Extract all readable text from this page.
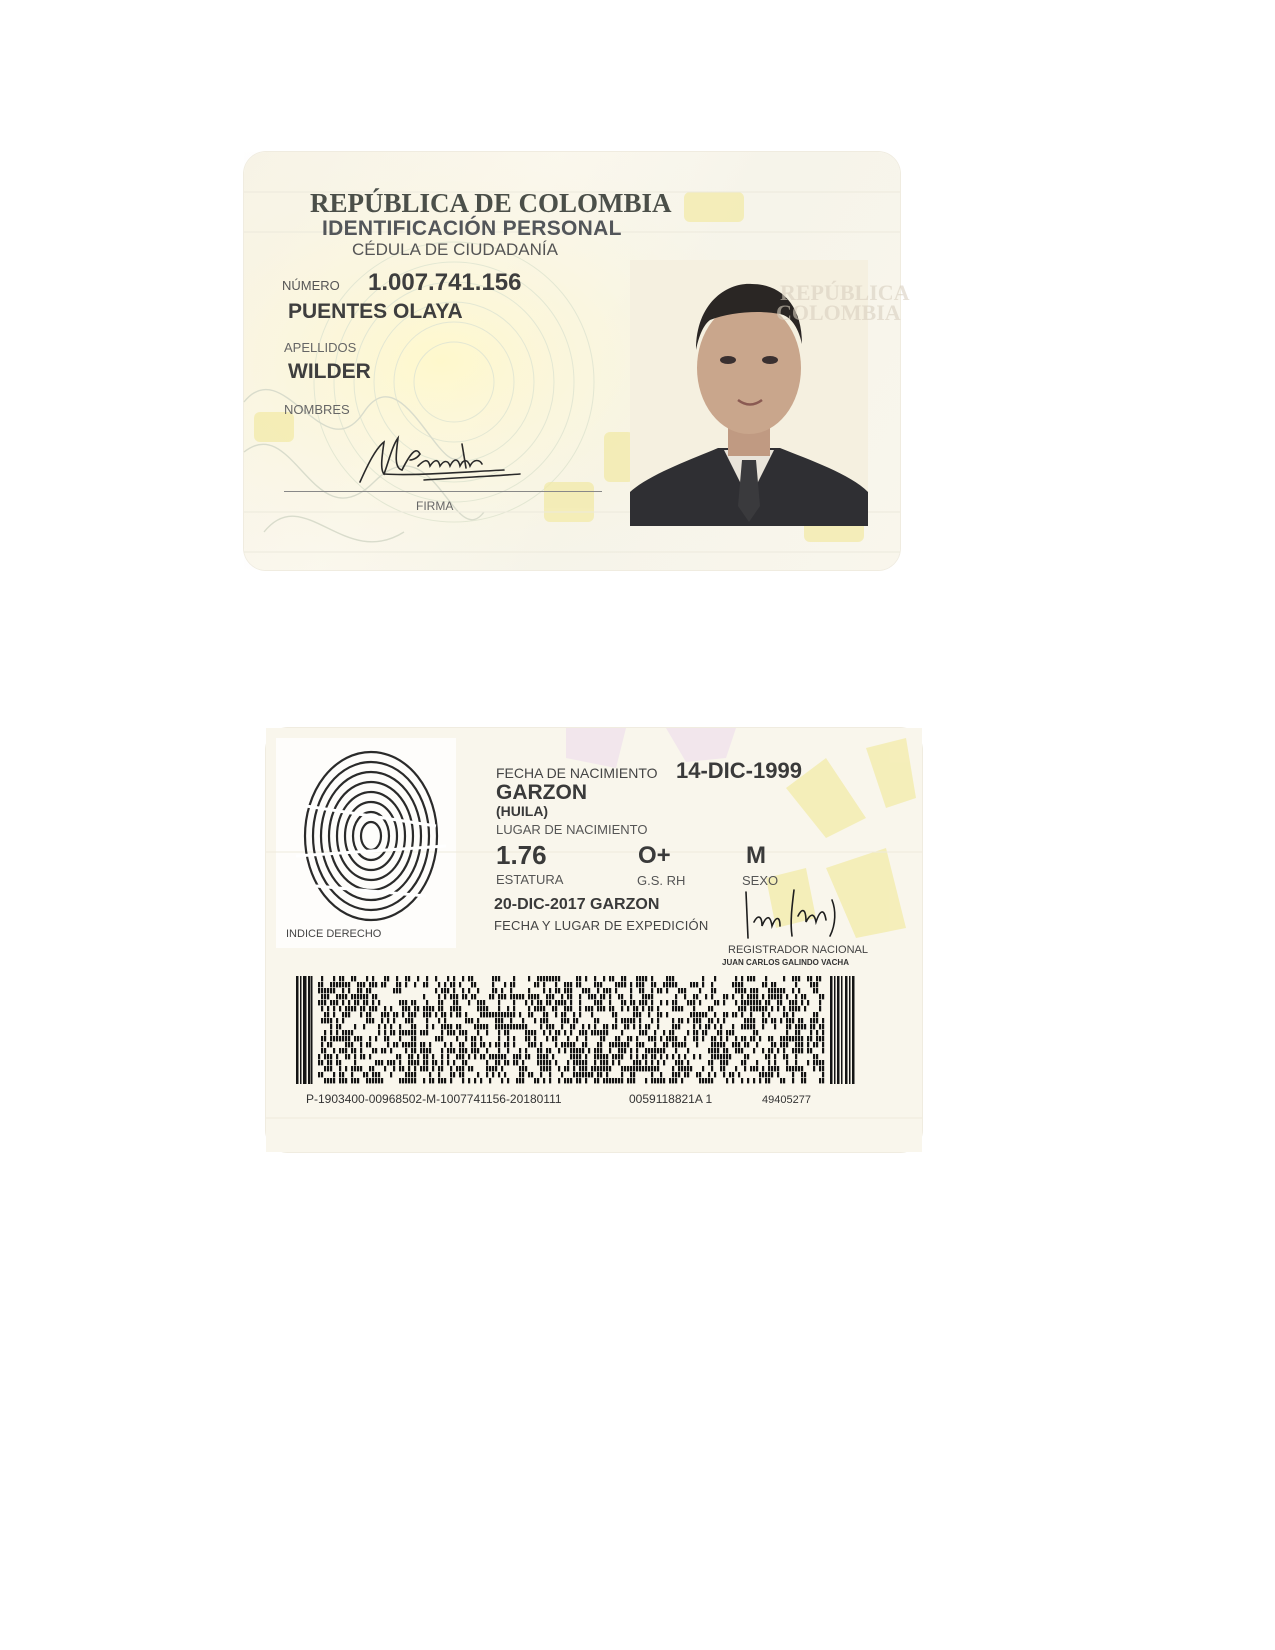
REPÚBLICA DE COLOMBIA
IDENTIFICACIÓN PERSONAL
CÉDULA DE CIUDADANÍA
NÚMERO 1.007.741.156
PUENTES OLAYA
APELLIDOS
WILDER
NOMBRES
FIRMA
REPÚBLICA
COLOMBIA
INDICE DERECHO
FECHA DE NACIMIENTO 14-DIC-1999
GARZON
(HUILA)
LUGAR DE NACIMIENTO
1.76	O+	M
ESTATURA	G.S. RH	SEXO
20-DIC-2017 GARZON
FECHA Y LUGAR DE EXPEDICIÓN
REGISTRADOR NACIONAL
JUAN CARLOS GALINDO VACHA
P-1903400-00968502-M-1007741156-20180111	0059118821A 1	49405277
